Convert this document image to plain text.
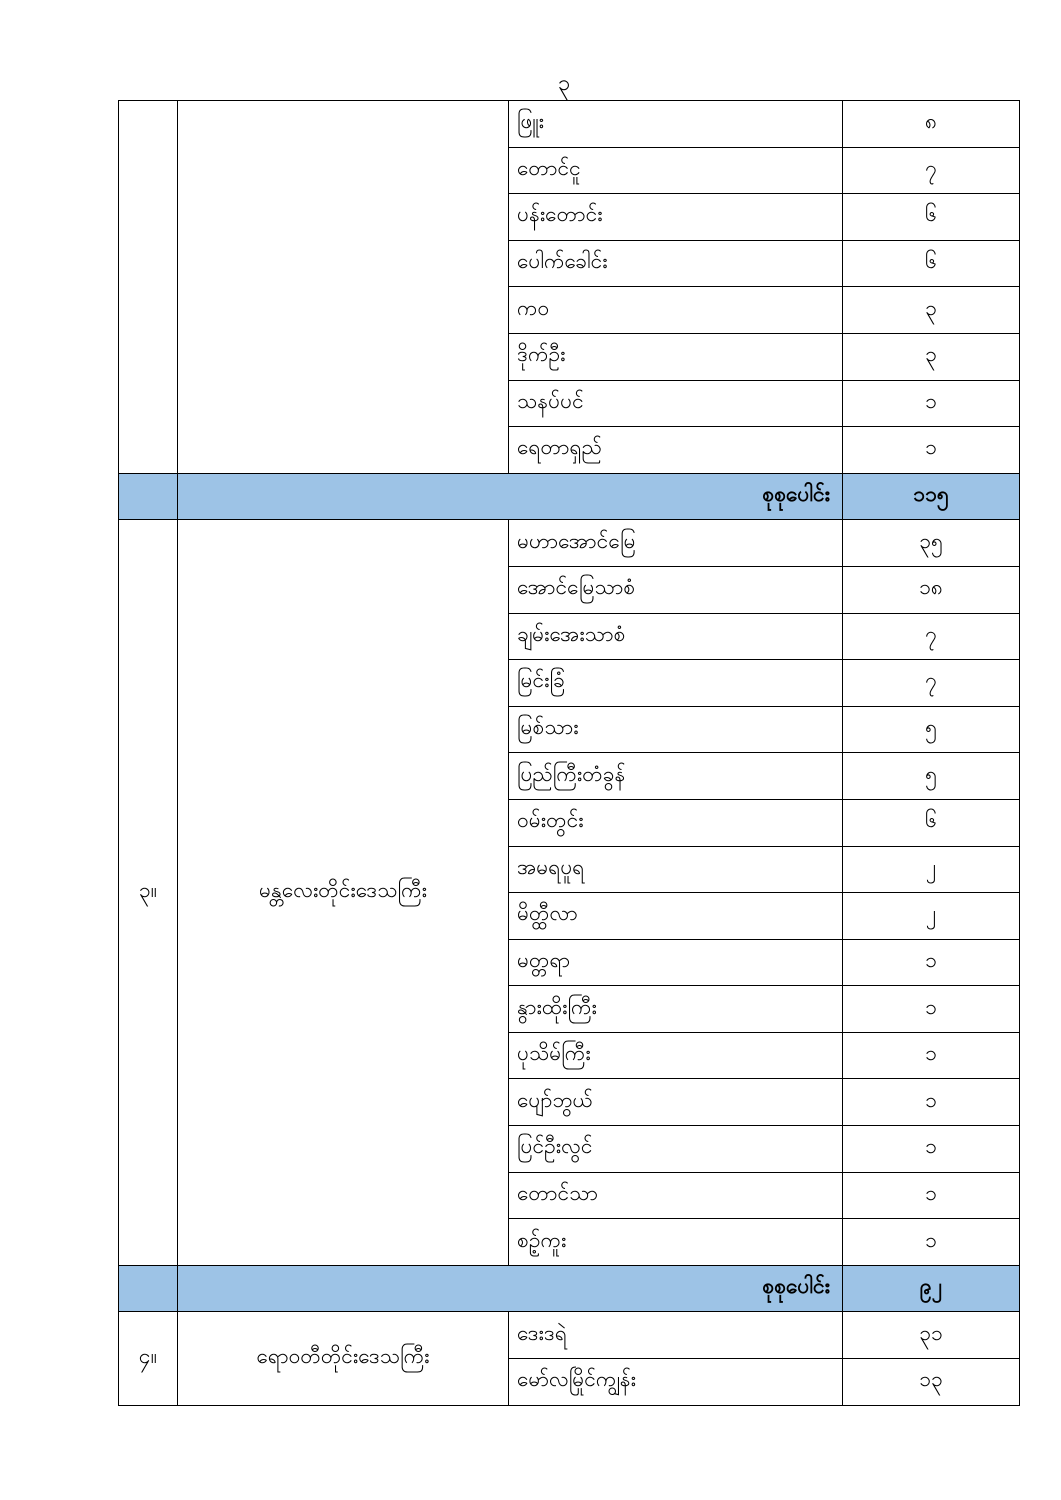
၃
		ဖြူး	၈
		တောင်ငူ	၇
		ပန်းတောင်း	၆
		ပေါက်ခေါင်း	၆
		ကဝ	၃
		ဒိုက်ဦး	၃
		သနပ်ပင်	၁
		ရေတာရှည်	၁
	စုစုပေါင်း		၁၁၅
၃။	မန္တလေးတိုင်းဒေသကြီး	မဟာအောင်မြေ	၃၅
		အောင်မြေသာစံ	၁၈
		ချမ်းအေးသာစံ	၇
		မြင်းခြံ	၇
		မြစ်သား	၅
		ပြည်ကြီးတံခွန်	၅
		ဝမ်းတွင်း	၆
		အမရပူရ	၂
		မိတ္ထီလာ	၂
		မတ္တရာ	၁
		နွားထိုးကြီး	၁
		ပုသိမ်ကြီး	၁
		ပျော်ဘွယ်	၁
		ပြင်ဦးလွင်	၁
		တောင်သာ	၁
		စဉ့်ကူး	၁
	စုစုပေါင်း		၉၂
၄။	ရောဝတီတိုင်းဒေသကြီး	ဒေးဒရဲ	၃၁
		မော်လမြိုင်ကျွန်း	၁၃
